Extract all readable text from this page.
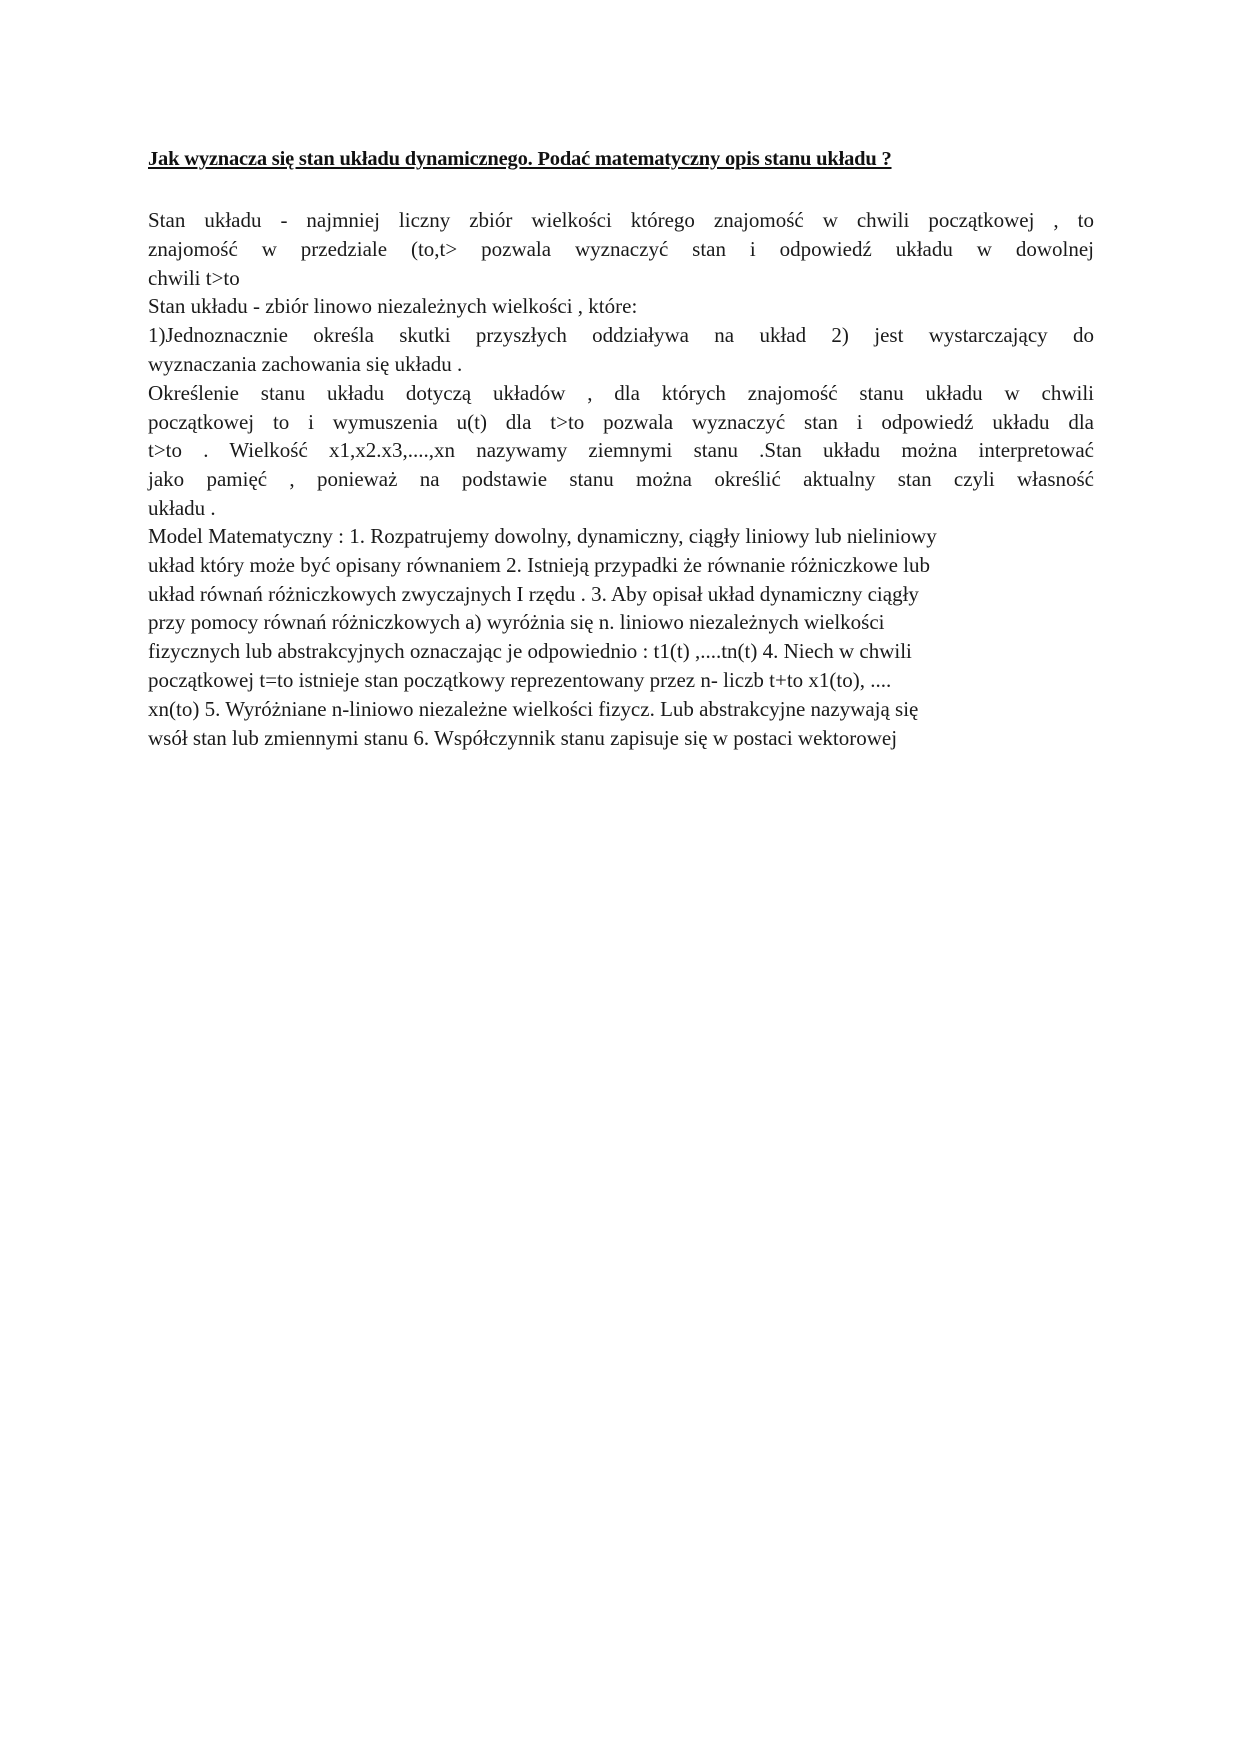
Jak wyznacza się stan układu dynamicznego. Podać matematyczny opis stanu układu ?
Stan układu - najmniej liczny zbiór wielkości którego znajomość w chwili początkowej , to
znajomość w przedziale (to,t> pozwala wyznaczyć stan i odpowiedź układu w dowolnej
chwili t>to
Stan układu - zbiór linowo niezależnych wielkości , które:
1)Jednoznacznie określa skutki przyszłych oddziaływa na układ 2) jest wystarczający do
wyznaczania zachowania się układu .
Określenie stanu układu dotyczą układów , dla których znajomość stanu układu w chwili
początkowej to i wymuszenia u(t) dla t>to pozwala wyznaczyć stan i odpowiedź układu dla
t>to . Wielkość x1,x2.x3,....,xn nazywamy ziemnymi stanu .Stan układu można interpretować
jako pamięć , ponieważ na podstawie stanu można określić aktualny stan czyli własność
układu .
Model Matematyczny : 1. Rozpatrujemy dowolny, dynamiczny, ciągły liniowy lub nieliniowy
układ który może być opisany równaniem 2. Istnieją przypadki że równanie różniczkowe lub
układ równań różniczkowych zwyczajnych I rzędu . 3. Aby opisał układ dynamiczny ciągły
przy pomocy równań różniczkowych a) wyróżnia się n. liniowo niezależnych wielkości
fizycznych lub abstrakcyjnych oznaczając je odpowiednio : t1(t) ,....tn(t) 4. Niech w chwili
początkowej t=to istnieje stan początkowy reprezentowany przez n- liczb t+to x1(to), ....
xn(to) 5. Wyróżniane n-liniowo niezależne wielkości fizycz. Lub abstrakcyjne nazywają się
wsół stan lub zmiennymi stanu 6. Współczynnik stanu zapisuje się w postaci wektorowej
